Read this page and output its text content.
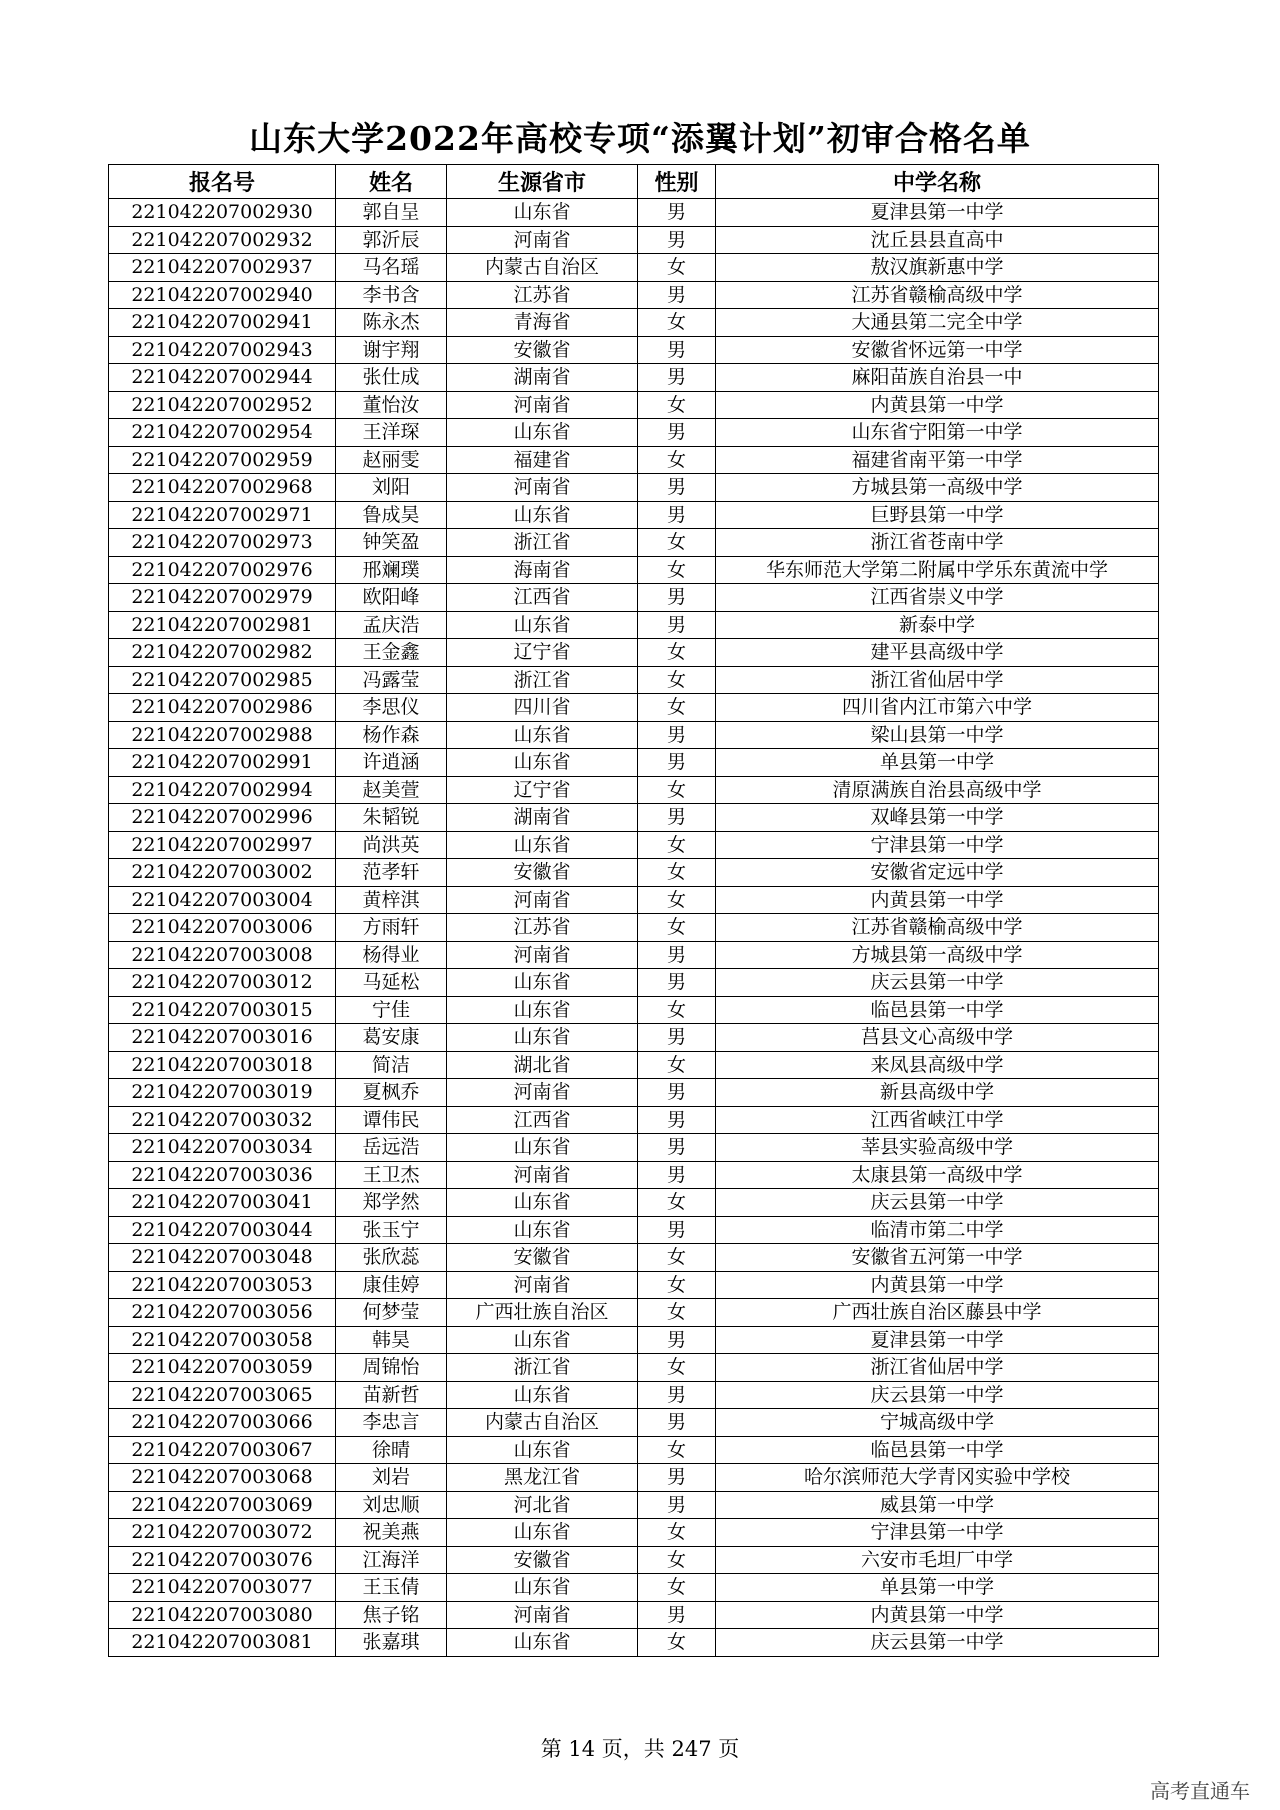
山东大学2022年高校专项“添翼计划”初审合格名单
报名号	姓名	生源省市	性别	中学名称
221042207002930	郭自呈	山东省	男	夏津县第一中学
221042207002932	郭沂辰	河南省	男	沈丘县县直高中
221042207002937	马名瑶	内蒙古自治区	女	敖汉旗新惠中学
221042207002940	李书含	江苏省	男	江苏省赣榆高级中学
221042207002941	陈永杰	青海省	女	大通县第二完全中学
221042207002943	谢宇翔	安徽省	男	安徽省怀远第一中学
221042207002944	张仕成	湖南省	男	麻阳苗族自治县一中
221042207002952	董怡汝	河南省	女	内黄县第一中学
221042207002954	王洋琛	山东省	男	山东省宁阳第一中学
221042207002959	赵丽雯	福建省	女	福建省南平第一中学
221042207002968	刘阳	河南省	男	方城县第一高级中学
221042207002971	鲁成昊	山东省	男	巨野县第一中学
221042207002973	钟笑盈	浙江省	女	浙江省苍南中学
221042207002976	邢斓璞	海南省	女	华东师范大学第二附属中学乐东黄流中学
221042207002979	欧阳峰	江西省	男	江西省崇义中学
221042207002981	孟庆浩	山东省	男	新泰中学
221042207002982	王金鑫	辽宁省	女	建平县高级中学
221042207002985	冯露莹	浙江省	女	浙江省仙居中学
221042207002986	李思仪	四川省	女	四川省内江市第六中学
221042207002988	杨作森	山东省	男	梁山县第一中学
221042207002991	许逍涵	山东省	男	单县第一中学
221042207002994	赵美萱	辽宁省	女	清原满族自治县高级中学
221042207002996	朱韬锐	湖南省	男	双峰县第一中学
221042207002997	尚洪英	山东省	女	宁津县第一中学
221042207003002	范孝轩	安徽省	女	安徽省定远中学
221042207003004	黄梓淇	河南省	女	内黄县第一中学
221042207003006	方雨轩	江苏省	女	江苏省赣榆高级中学
221042207003008	杨得业	河南省	男	方城县第一高级中学
221042207003012	马延松	山东省	男	庆云县第一中学
221042207003015	宁佳	山东省	女	临邑县第一中学
221042207003016	葛安康	山东省	男	莒县文心高级中学
221042207003018	简洁	湖北省	女	来凤县高级中学
221042207003019	夏枫乔	河南省	男	新县高级中学
221042207003032	谭伟民	江西省	男	江西省峡江中学
221042207003034	岳远浩	山东省	男	莘县实验高级中学
221042207003036	王卫杰	河南省	男	太康县第一高级中学
221042207003041	郑学然	山东省	女	庆云县第一中学
221042207003044	张玉宁	山东省	男	临清市第二中学
221042207003048	张欣蕊	安徽省	女	安徽省五河第一中学
221042207003053	康佳婷	河南省	女	内黄县第一中学
221042207003056	何梦莹	广西壮族自治区	女	广西壮族自治区藤县中学
221042207003058	韩昊	山东省	男	夏津县第一中学
221042207003059	周锦怡	浙江省	女	浙江省仙居中学
221042207003065	苗新哲	山东省	男	庆云县第一中学
221042207003066	李忠言	内蒙古自治区	男	宁城高级中学
221042207003067	徐晴	山东省	女	临邑县第一中学
221042207003068	刘岩	黑龙江省	男	哈尔滨师范大学青冈实验中学校
221042207003069	刘忠顺	河北省	男	威县第一中学
221042207003072	祝美燕	山东省	女	宁津县第一中学
221042207003076	江海洋	安徽省	女	六安市毛坦厂中学
221042207003077	王玉倩	山东省	女	单县第一中学
221042207003080	焦子铭	河南省	男	内黄县第一中学
221042207003081	张嘉琪	山东省	女	庆云县第一中学
第 14 页，共 247 页
高考直通车
